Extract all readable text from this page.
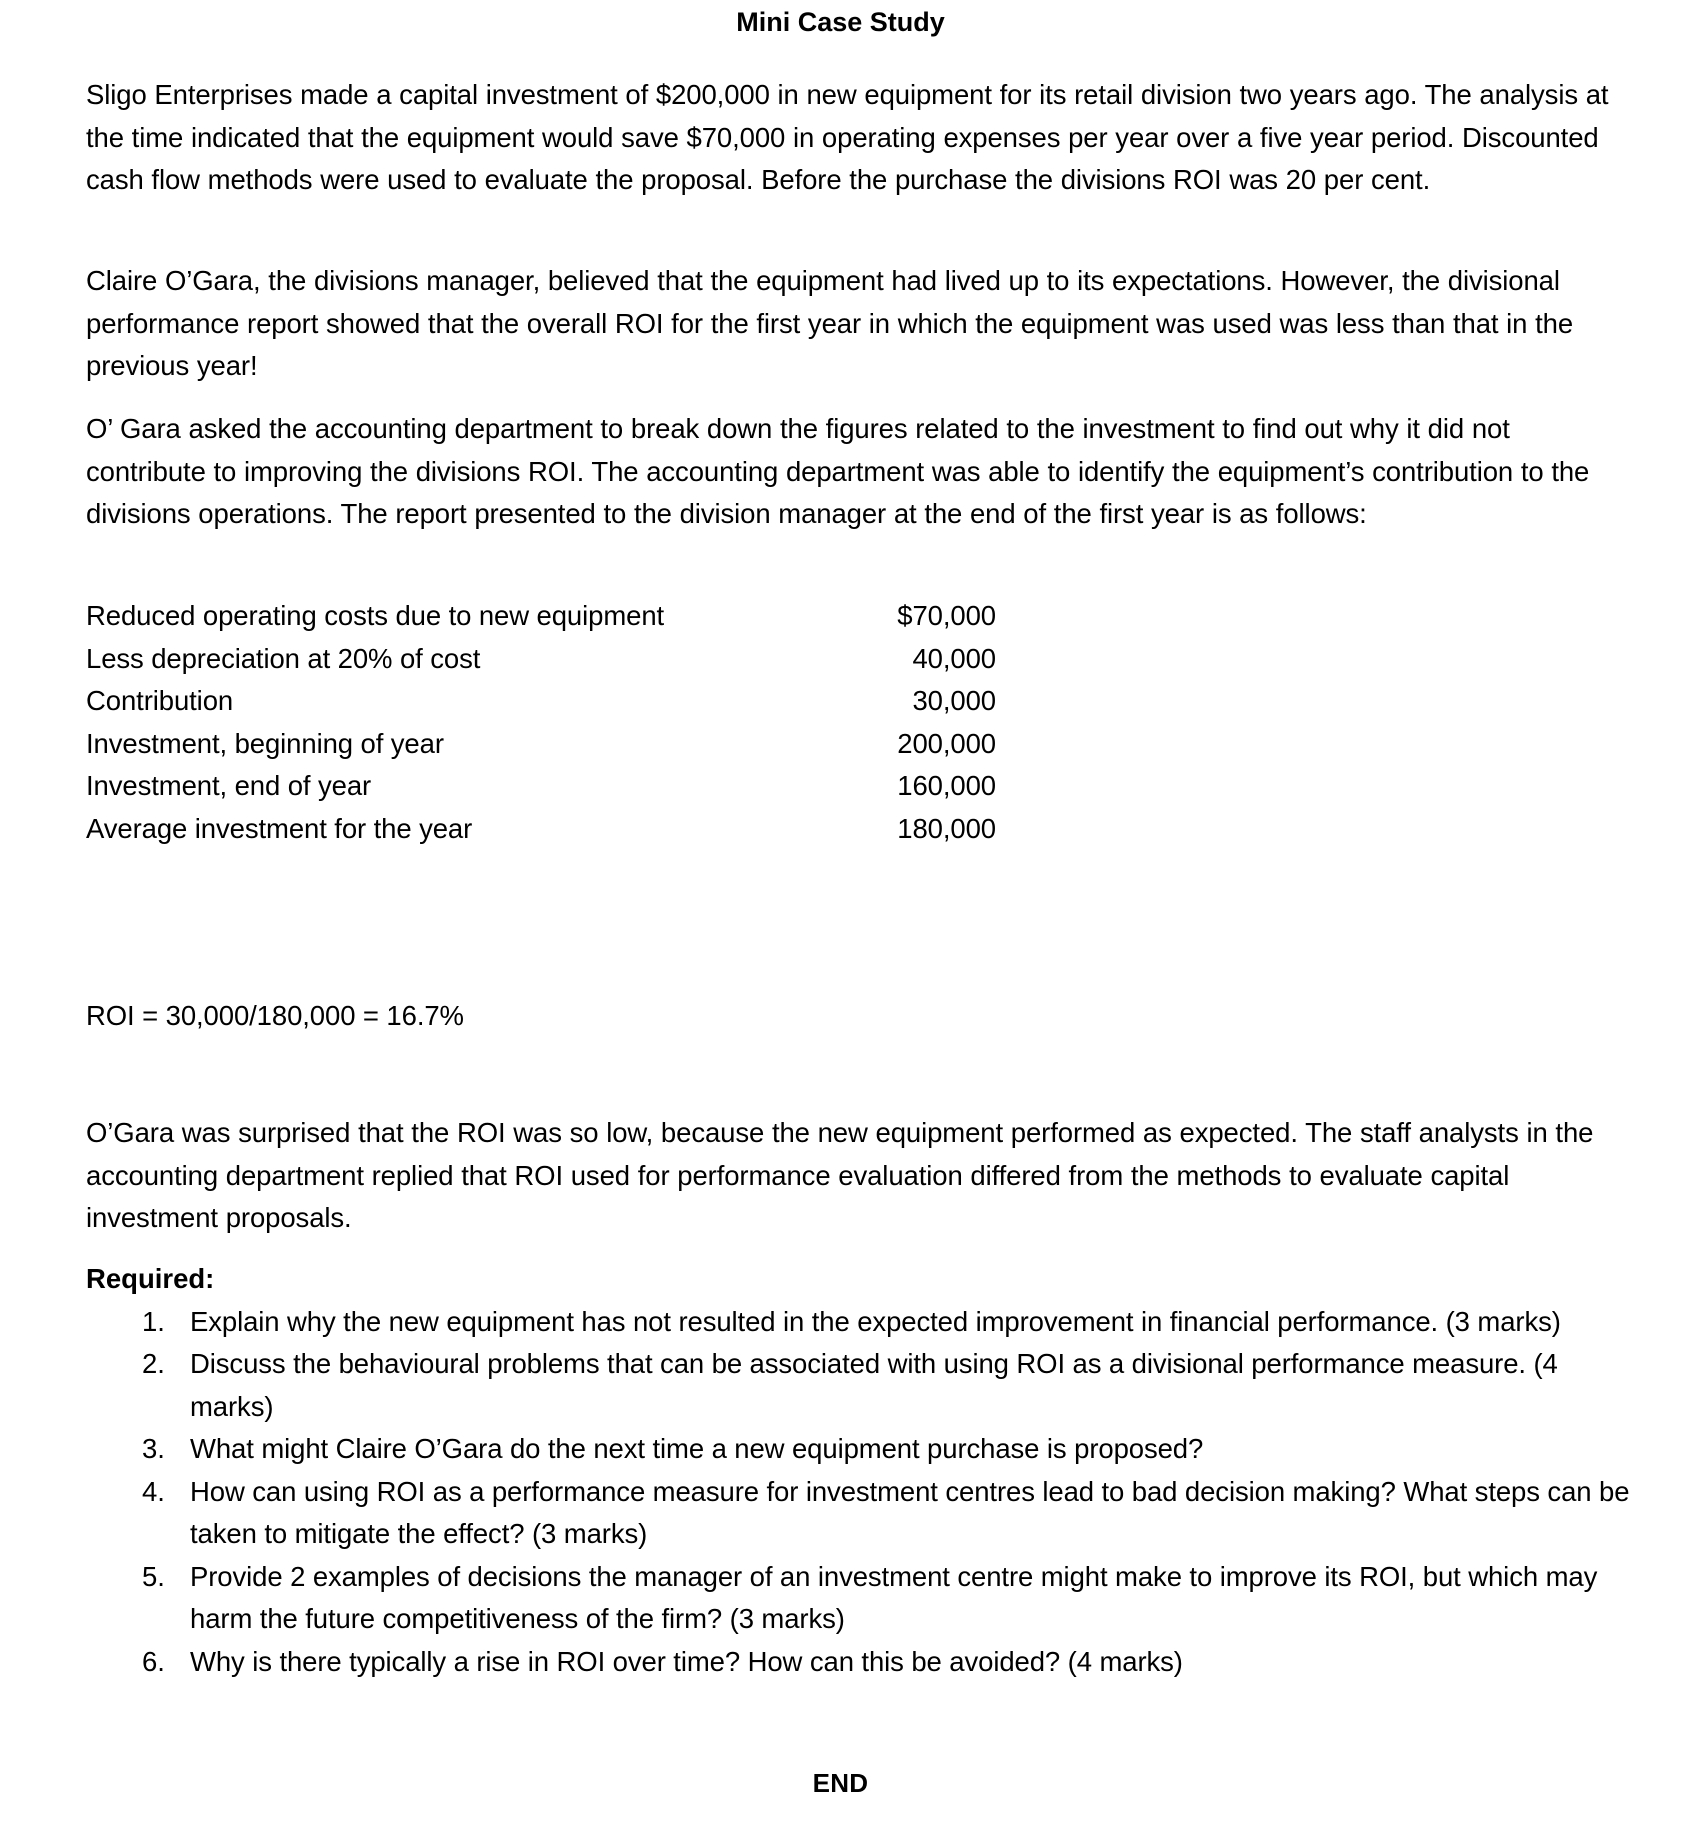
Mini Case Study

Sligo Enterprises made a capital investment of $200,000 in new equipment for its retail division two years ago. The analysis at the time indicated that the equipment would save $70,000 in operating expenses per year over a five year period. Discounted cash flow methods were used to evaluate the proposal. Before the purchase the divisions ROI was 20 per cent.

Claire O’Gara, the divisions manager, believed that the equipment had lived up to its expectations. However, the divisional performance report showed that the overall ROI for the first year in which the equipment was used was less than that in the previous year!

O’ Gara asked the accounting department to break down the figures related to the investment to find out why it did not contribute to improving the divisions ROI. The accounting department was able to identify the equipment’s contribution to the divisions operations. The report presented to the division manager at the end of the first year is as follows:

Reduced operating costs due to new equipment	$70,000
Less depreciation at 20% of cost	40,000
Contribution	30,000
Investment, beginning of year	200,000
Investment, end of year	160,000
Average investment for the year	180,000
ROI = 30,000/180,000 = 16.7%

O’Gara was surprised that the ROI was so low, because the new equipment performed as expected. The staff analysts in the accounting department replied that ROI used for performance evaluation differed from the methods to evaluate capital investment proposals.

Required:
1. Explain why the new equipment has not resulted in the expected improvement in financial performance. (3 marks)
2. Discuss the behavioural problems that can be associated with using ROI as a divisional performance measure. (4 marks)
3. What might Claire O’Gara do the next time a new equipment purchase is proposed?
4. How can using ROI as a performance measure for investment centres lead to bad decision making? What steps can be taken to mitigate the effect? (3 marks)
5. Provide 2 examples of decisions the manager of an investment centre might make to improve its ROI, but which may harm the future competitiveness of the firm? (3 marks)
6. Why is there typically a rise in ROI over time? How can this be avoided? (4 marks)
END
